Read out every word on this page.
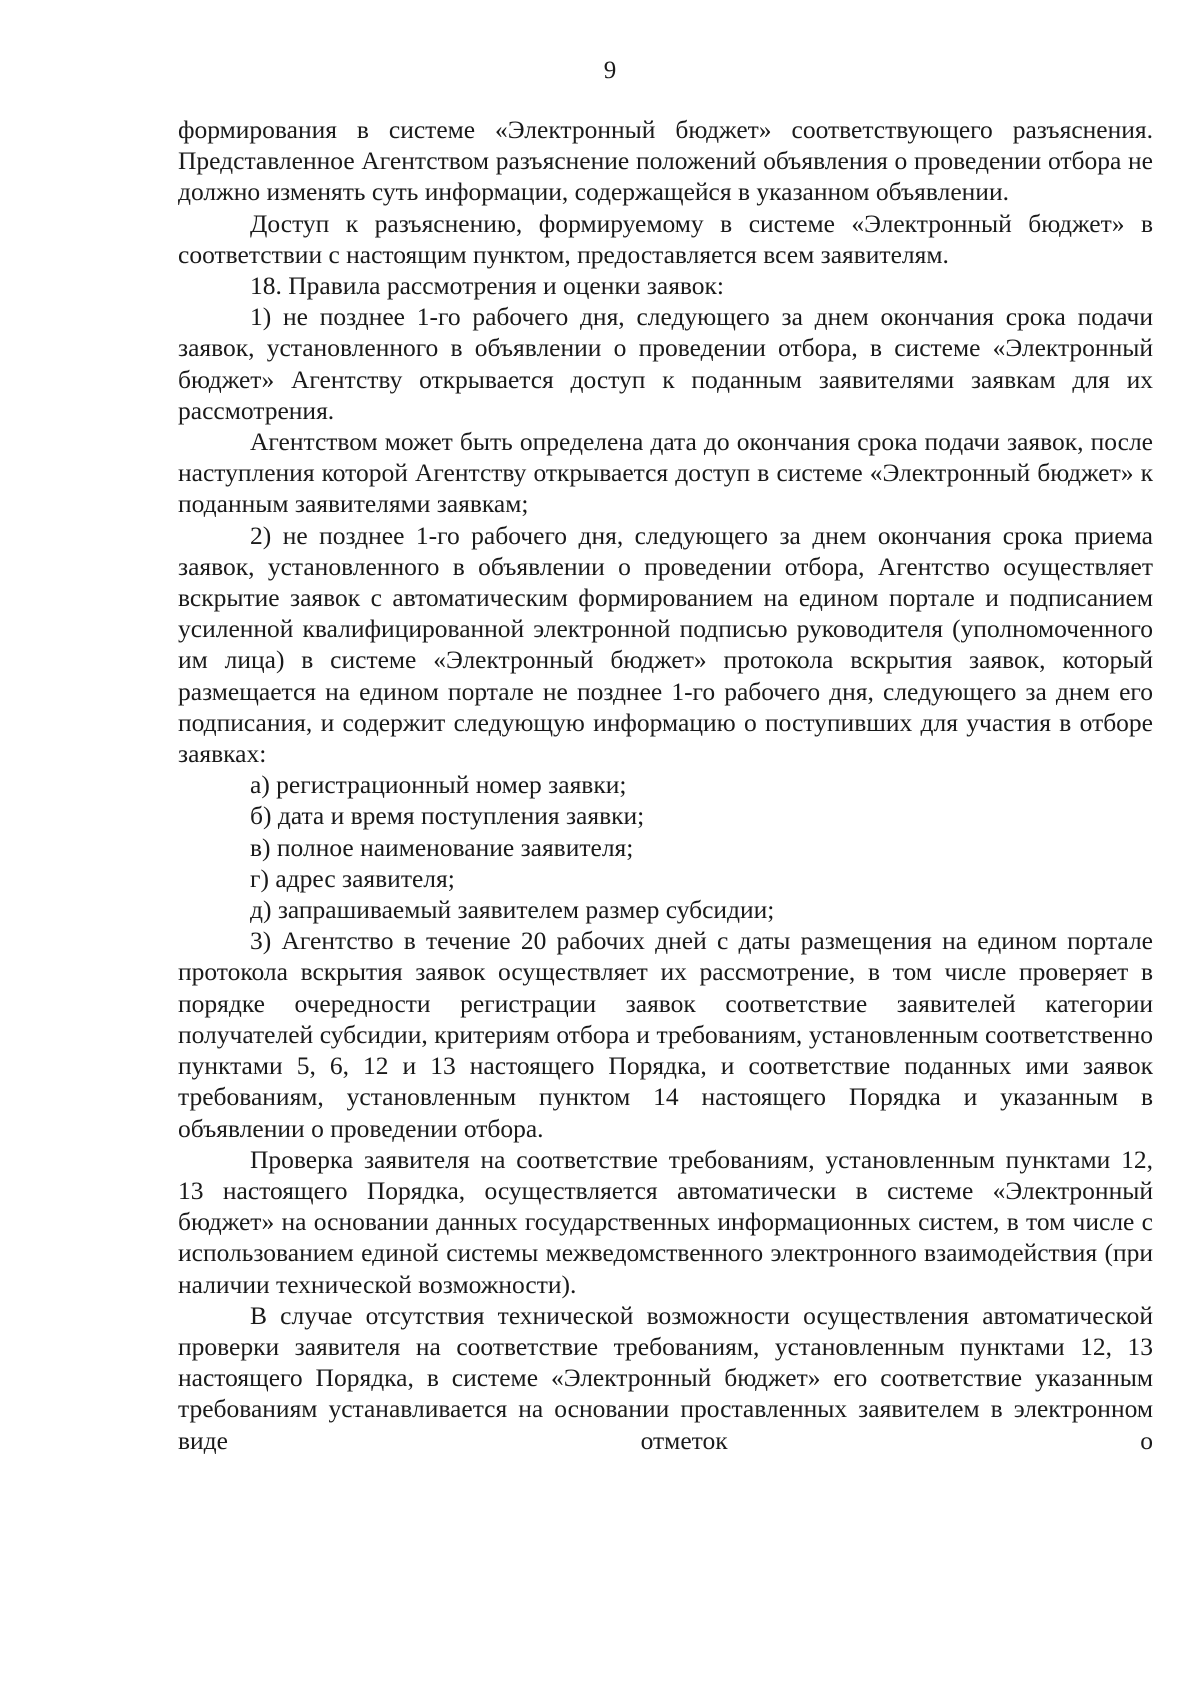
9

формирования в системе «Электронный бюджет» соответствующего разъяснения. Представленное Агентством разъяснение положений объявления о проведении отбора не должно изменять суть информации, содержащейся в указанном объявлении.

Доступ к разъяснению, формируемому в системе «Электронный бюджет» в соответствии с настоящим пунктом, предоставляется всем заявителям.

18. Правила рассмотрения и оценки заявок:

1) не позднее 1-го рабочего дня, следующего за днем окончания срока подачи заявок, установленного в объявлении о проведении отбора, в системе «Электронный бюджет» Агентству открывается доступ к поданным заявителями заявкам для их рассмотрения.

Агентством может быть определена дата до окончания срока подачи заявок, после наступления которой Агентству открывается доступ в системе «Электронный бюджет» к поданным заявителями заявкам;

2) не позднее 1-го рабочего дня, следующего за днем окончания срока приема заявок, установленного в объявлении о проведении отбора, Агентство осуществляет вскрытие заявок с автоматическим формированием на едином портале и подписанием усиленной квалифицированной электронной подписью руководителя (уполномоченного им лица) в системе «Электронный бюджет» протокола вскрытия заявок, который размещается на едином портале не позднее 1-го рабочего дня, следующего за днем его подписания, и содержит следующую информацию о поступивших для участия в отборе заявках:

а) регистрационный номер заявки;

б) дата и время поступления заявки;

в) полное наименование заявителя;

г) адрес заявителя;

д) запрашиваемый заявителем размер субсидии;

3) Агентство в течение 20 рабочих дней с даты размещения на едином портале протокола вскрытия заявок осуществляет их рассмотрение, в том числе проверяет в порядке очередности регистрации заявок соответствие заявителей категории получателей субсидии, критериям отбора и требованиям, установленным соответственно пунктами 5, 6, 12 и 13 настоящего Порядка, и соответствие поданных ими заявок требованиям, установленным пунктом 14 настоящего Порядка и указанным в объявлении о проведении отбора.

Проверка заявителя на соответствие требованиям, установленным пунктами 12, 13 настоящего Порядка, осуществляется автоматически в системе «Электронный бюджет» на основании данных государственных информационных систем, в том числе с использованием единой системы межведомственного электронного взаимодействия (при наличии технической возможности).

В случае отсутствия технической возможности осуществления автоматической проверки заявителя на соответствие требованиям, установленным пунктами 12, 13 настоящего Порядка, в системе «Электронный бюджет» его соответствие указанным требованиям устанавливается на основании проставленных заявителем в электронном виде отметок о
